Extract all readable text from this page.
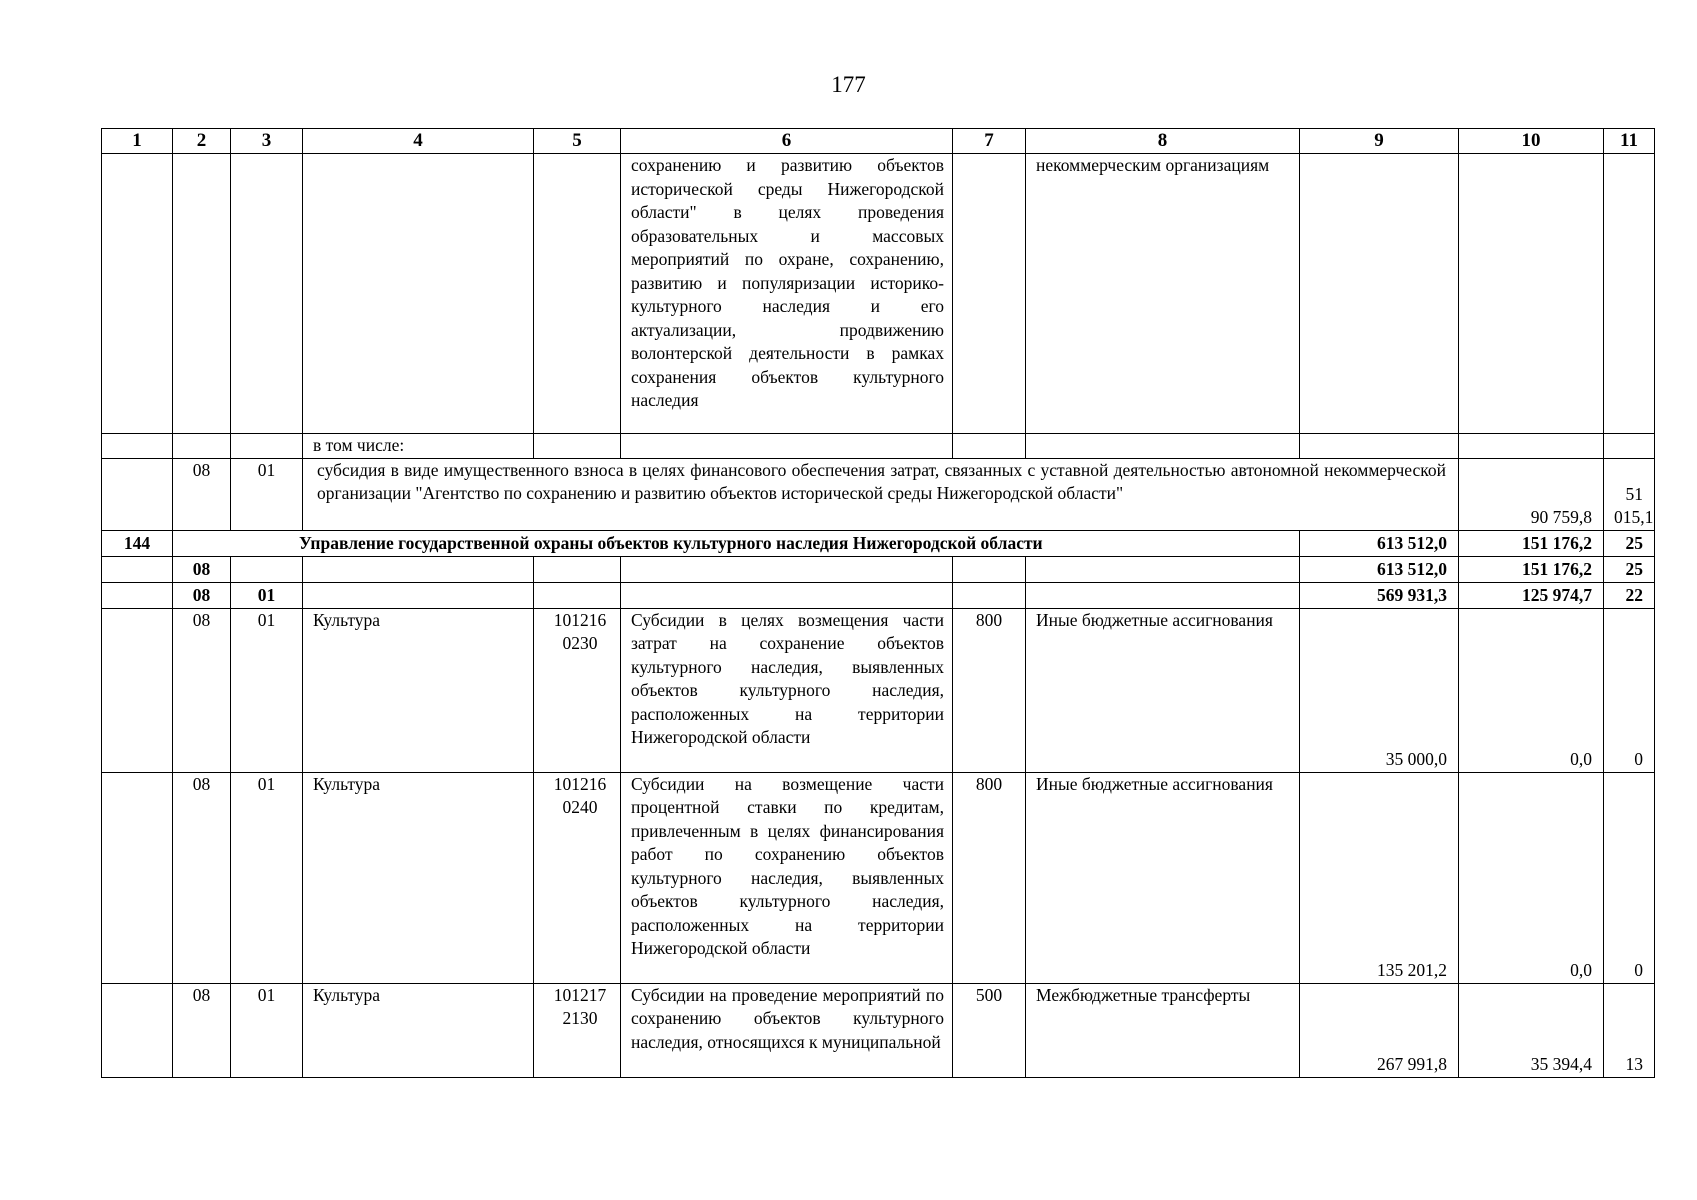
177
1	2	3	4	5	6	7	8	9	10	11	
					сохранению и развитию объектов исторической среды Нижегородской области" в целях проведения образовательных и массовых мероприятий по охране, сохранению, развитию и популяризации историко-культурного наследия и его актуализации, продвижению волонтерской деятельности в рамках сохранения объектов культурного наследия		некоммерческим организациям				
			в том числе:								
	08	01	субсидия в виде имущественного взноса в целях финансового обеспечения затрат, связанных с уставной деятельностью автономной некоммерческой организации "Агентство по сохранению и развитию объектов исторической среды Нижегородской области"						90 759,8	51 015,1	
144	Управление государственной охраны объектов культурного наследия Нижегородской области							613 512,0	151 176,2	25	
	08							613 512,0	151 176,2	25	
	08	01						569 931,3	125 974,7	22	
	08	01	Культура	101216 0230	Субсидии в целях возмещения части затрат на сохранение объектов культурного наследия, выявленных объектов культурного наследия, расположенных на территории Нижегородской области	800	Иные бюджетные ассигнования	35 000,0	0,0	0	
	08	01	Культура	101216 0240	Субсидии на возмещение части процентной ставки по кредитам, привлеченным в целях финансирования работ по сохранению объектов культурного наследия, выявленных объектов культурного наследия, расположенных на территории Нижегородской области	800	Иные бюджетные ассигнования	135 201,2	0,0	0	
	08	01	Культура	101217 2130	Субсидии на проведение мероприятий по сохранению объектов культурного наследия, относящихся к муниципальной	500	Межбюджетные трансферты	267 991,8	35 394,4	13	
